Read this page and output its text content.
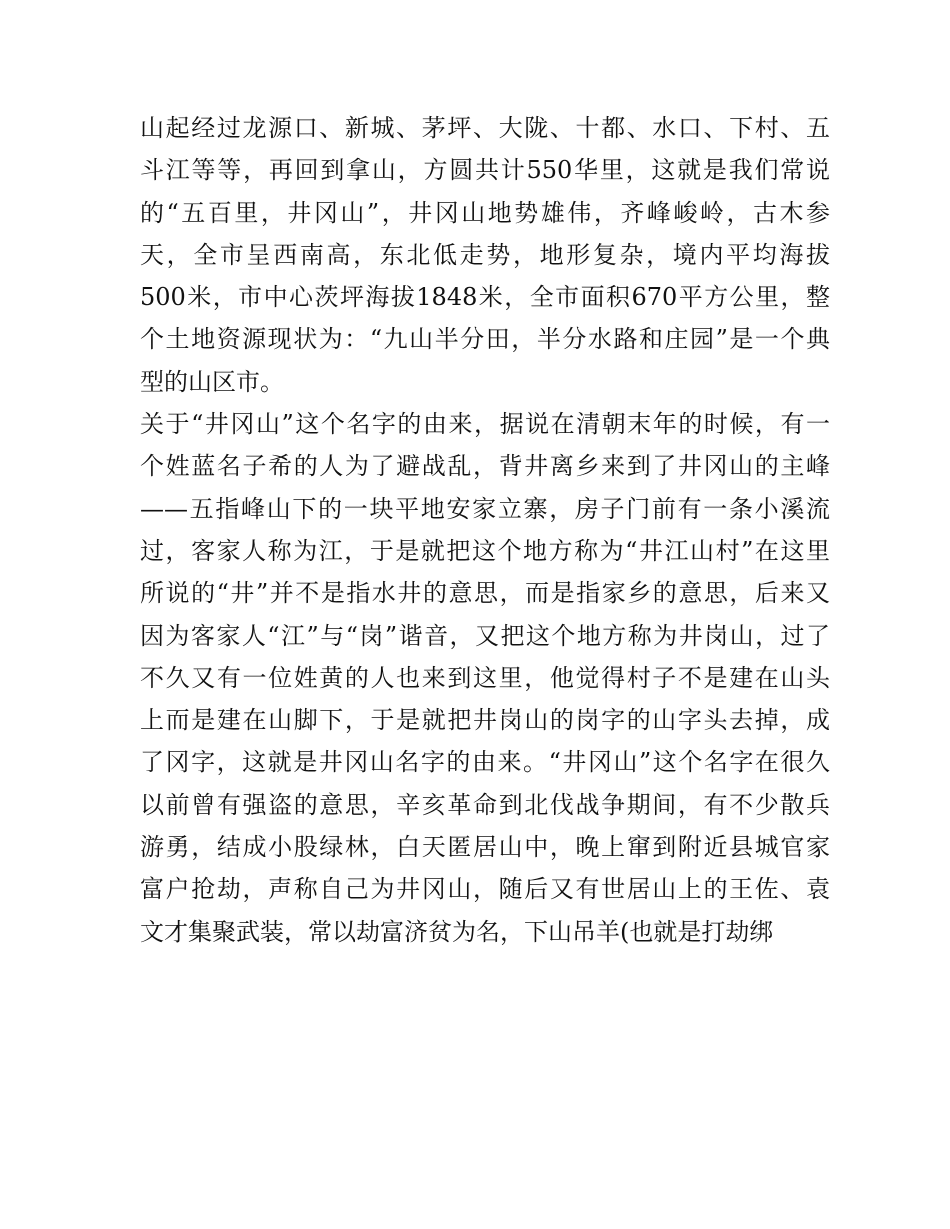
山起经过龙源口、新城、茅坪、大陇、十都、水口、下村、五
斗江等等，再回到拿山，方圆共计550华里，这就是我们常说
的“五百里，井冈山”，井冈山地势雄伟，齐峰峻岭，古木参
天，全市呈西南高，东北低走势，地形复杂，境内平均海拔
500米，市中心茨坪海拔1848米，全市面积670平方公里，整
个土地资源现状为：“九山半分田，半分水路和庄园”是一个典
型的山区市。
关于“井冈山”这个名字的由来，据说在清朝末年的时候，有一
个姓蓝名子希的人为了避战乱，背井离乡来到了井冈山的主峰
——五指峰山下的一块平地安家立寨，房子门前有一条小溪流
过，客家人称为江，于是就把这个地方称为“井江山村”在这里
所说的“井”并不是指水井的意思，而是指家乡的意思，后来又
因为客家人“江”与“岗”谐音，又把这个地方称为井岗山，过了
不久又有一位姓黄的人也来到这里，他觉得村子不是建在山头
上而是建在山脚下，于是就把井岗山的岗字的山字头去掉，成
了冈字，这就是井冈山名字的由来。“井冈山”这个名字在很久
以前曾有强盗的意思，辛亥革命到北伐战争期间，有不少散兵
游勇，结成小股绿林，白天匿居山中，晚上窜到附近县城官家
富户抢劫，声称自己为井冈山，随后又有世居山上的王佐、袁
文才集聚武装，常以劫富济贫为名，下山吊羊(也就是打劫绑
